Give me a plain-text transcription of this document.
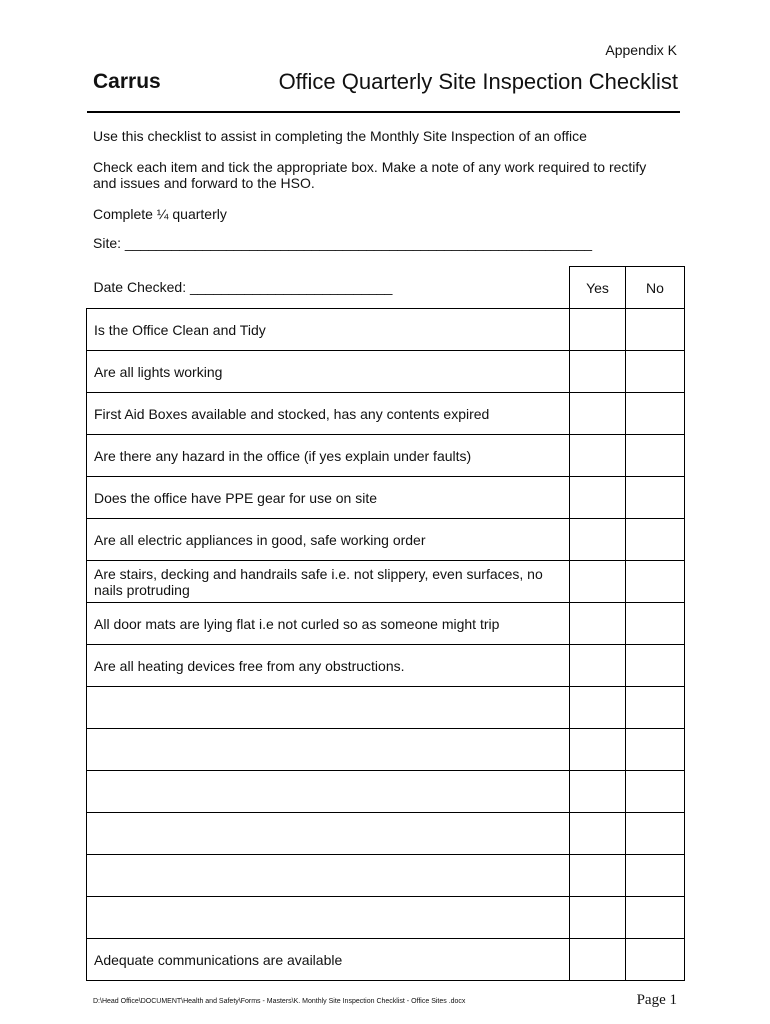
Appendix K
Carrus	Office Quarterly Site Inspection Checklist
Use this checklist to assist in completing the Monthly Site Inspection of an office
Check each item and tick the appropriate box. Make a note of any work required to rectify and issues and forward to the HSO.
Complete ¼ quarterly
Site: ____________________________________________________________
Date Checked: __________________________	Yes	No
Is the Office Clean and Tidy		
Are all lights working		
First Aid Boxes available and stocked, has any contents expired		
Are there any hazard in the office (if yes explain under faults)		
Does the office have PPE gear for use on site		
Are all electric appliances in good, safe working order		
Are stairs, decking and handrails safe i.e. not slippery, even surfaces, no nails protruding		
All door mats are lying flat i.e not curled so as someone might trip		
Are all heating devices free from any obstructions.		

Adequate communications are available		
D:\Head Office\DOCUMENT\Health and Safety\Forms - Masters\K. Monthly Site Inspection Checklist - Office Sites .docx	Page 1
